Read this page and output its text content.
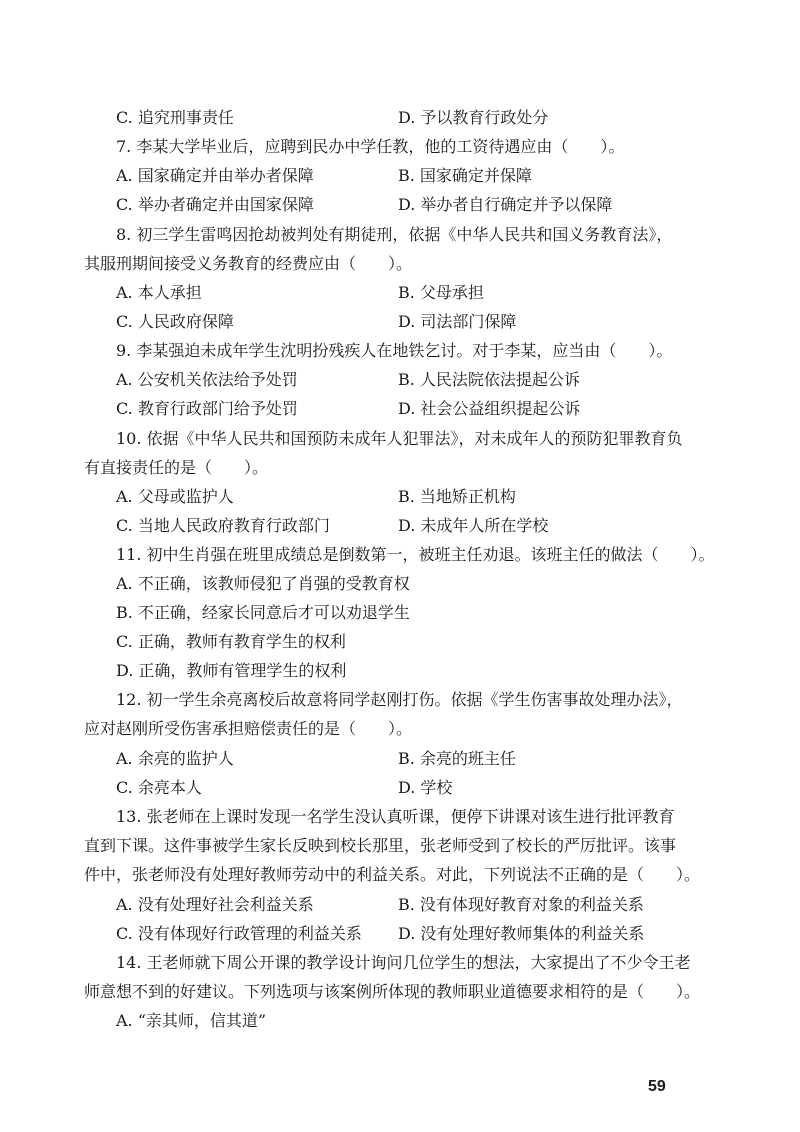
C. 追究刑事责任	D. 予以教育行政处分
7. 李某大学毕业后，应聘到民办中学任教，他的工资待遇应由（　　）。
A. 国家确定并由举办者保障	B. 国家确定并保障
C. 举办者确定并由国家保障	D. 举办者自行确定并予以保障
8. 初三学生雷鸣因抢劫被判处有期徒刑，依据《中华人民共和国义务教育法》，
其服刑期间接受义务教育的经费应由（　　）。
A. 本人承担	B. 父母承担
C. 人民政府保障	D. 司法部门保障
9. 李某强迫未成年学生沈明扮残疾人在地铁乞讨。对于李某，应当由（　　）。
A. 公安机关依法给予处罚	B. 人民法院依法提起公诉
C. 教育行政部门给予处罚	D. 社会公益组织提起公诉
10. 依据《中华人民共和国预防未成年人犯罪法》，对未成年人的预防犯罪教育负
有直接责任的是（　　）。
A. 父母或监护人	B. 当地矫正机构
C. 当地人民政府教育行政部门	D. 未成年人所在学校
11. 初中生肖强在班里成绩总是倒数第一，被班主任劝退。该班主任的做法（　　）。
A. 不正确，该教师侵犯了肖强的受教育权
B. 不正确，经家长同意后才可以劝退学生
C. 正确，教师有教育学生的权利
D. 正确，教师有管理学生的权利
12. 初一学生余亮离校后故意将同学赵刚打伤。依据《学生伤害事故处理办法》，
应对赵刚所受伤害承担赔偿责任的是（　　）。
A. 余亮的监护人	B. 余亮的班主任
C. 余亮本人	D. 学校
13. 张老师在上课时发现一名学生没认真听课，便停下讲课对该生进行批评教育
直到下课。这件事被学生家长反映到校长那里，张老师受到了校长的严厉批评。该事
件中，张老师没有处理好教师劳动中的利益关系。对此，下列说法不正确的是（　　）。
A. 没有处理好社会利益关系	B. 没有体现好教育对象的利益关系
C. 没有体现好行政管理的利益关系 D. 没有处理好教师集体的利益关系
14. 王老师就下周公开课的教学设计询问几位学生的想法，大家提出了不少令王老
师意想不到的好建议。下列选项与该案例所体现的教师职业道德要求相符的是（　　）。
A. “亲其师，信其道”
59
